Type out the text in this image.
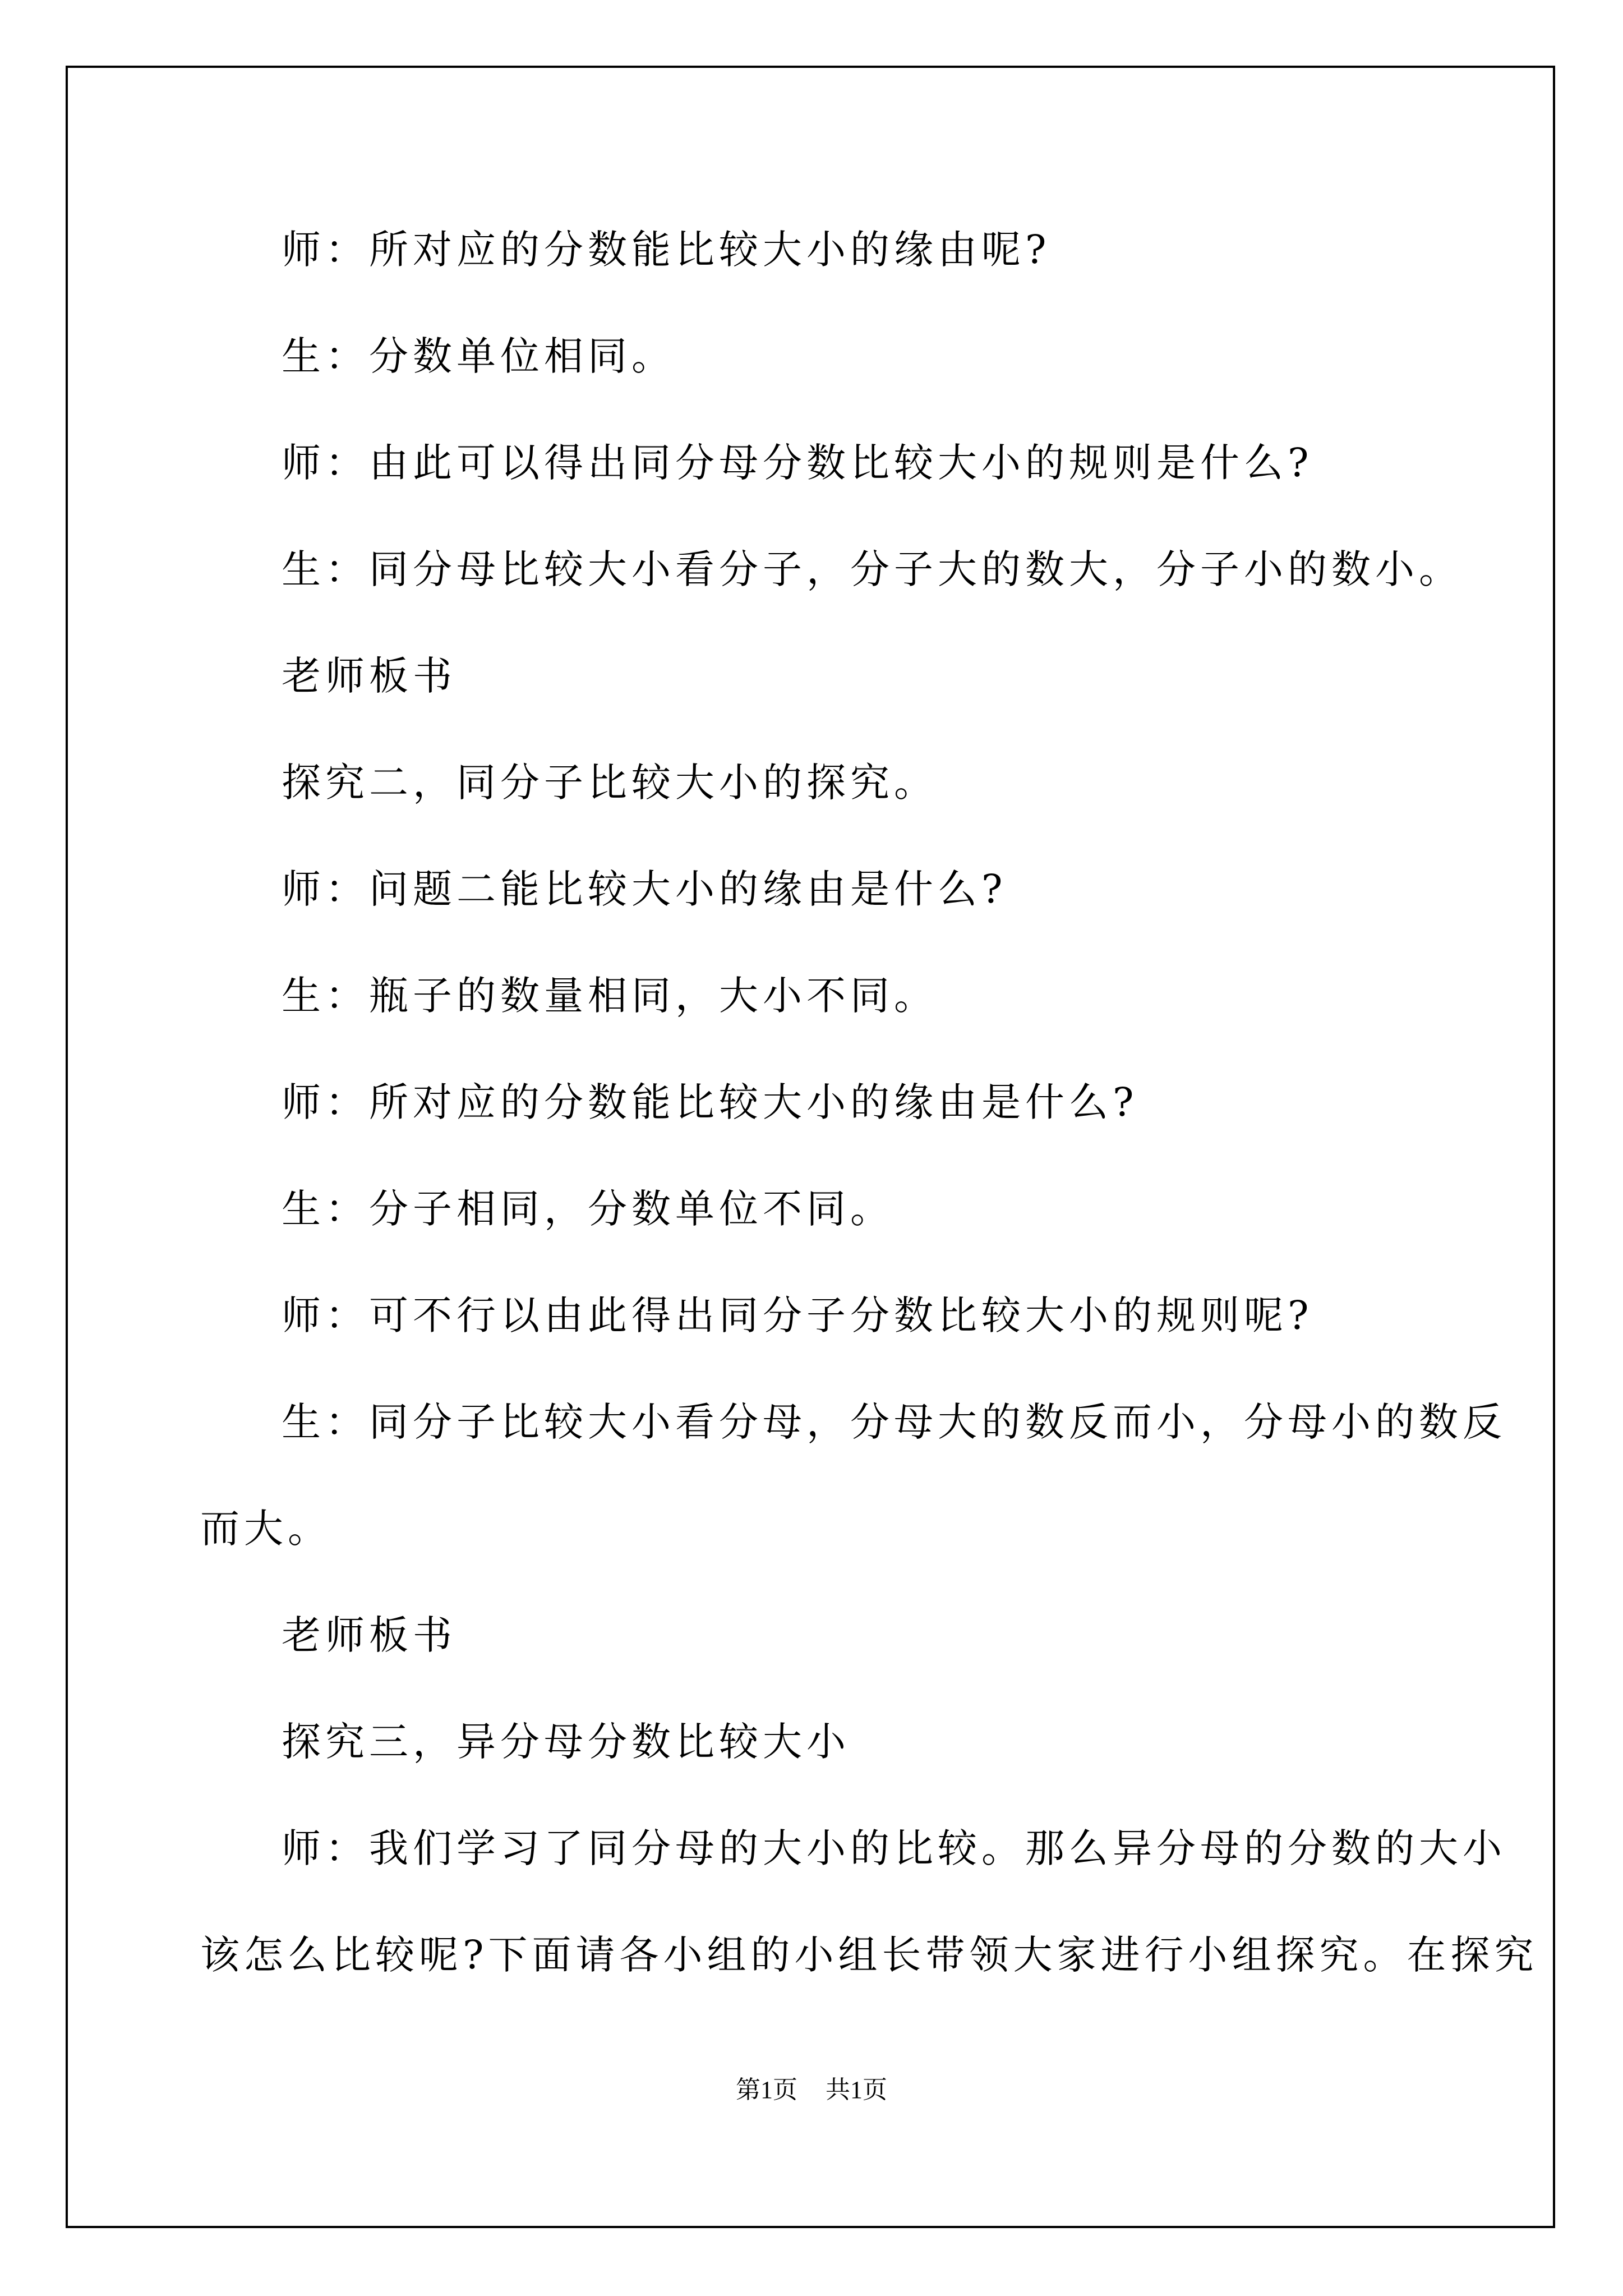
师：所对应的分数能比较大小的缘由呢?

生：分数单位相同。

师：由此可以得出同分母分数比较大小的规则是什么?

生：同分母比较大小看分子，分子大的数大，分子小的数小。

老师板书

探究二，同分子比较大小的探究。

师：问题二能比较大小的缘由是什么?

生：瓶子的数量相同，大小不同。

师：所对应的分数能比较大小的缘由是什么?

生：分子相同，分数单位不同。

师：可不行以由此得出同分子分数比较大小的规则呢?

生：同分子比较大小看分母，分母大的数反而小，分母小的数反

而大。

老师板书

探究三，异分母分数比较大小

师：我们学习了同分母的大小的比较。那么异分母的分数的大小

该怎么比较呢?下面请各小组的小组长带领大家进行小组探究。在探究

第1页 共1页
